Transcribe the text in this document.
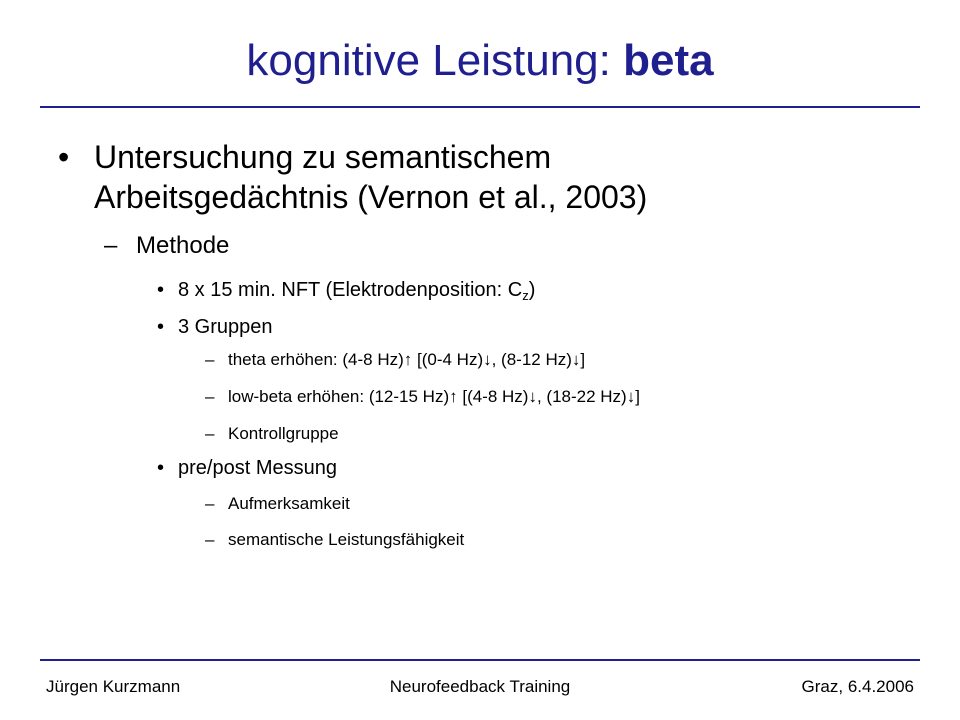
kognitive Leistung: beta
• Untersuchung zu semantischem
Arbeitsgedächtnis (Vernon et al., 2003)
– Methode
• 8 x 15 min. NFT (Elektrodenposition: $C_z$)
• 3 Gruppen
– theta erhöhen: (4-8 Hz)↑ [(0-4 Hz)↓, (8-12 Hz)↓]
– low-beta erhöhen: (12-15 Hz)↑ [(4-8 Hz)↓, (18-22 Hz)↓]
– Kontrollgruppe
• pre/post Messung
– Aufmerksamkeit
– semantische Leistungsfähigkeit
Jürgen Kurzmann	Neurofeedback Training	Graz, 6.4.2006
